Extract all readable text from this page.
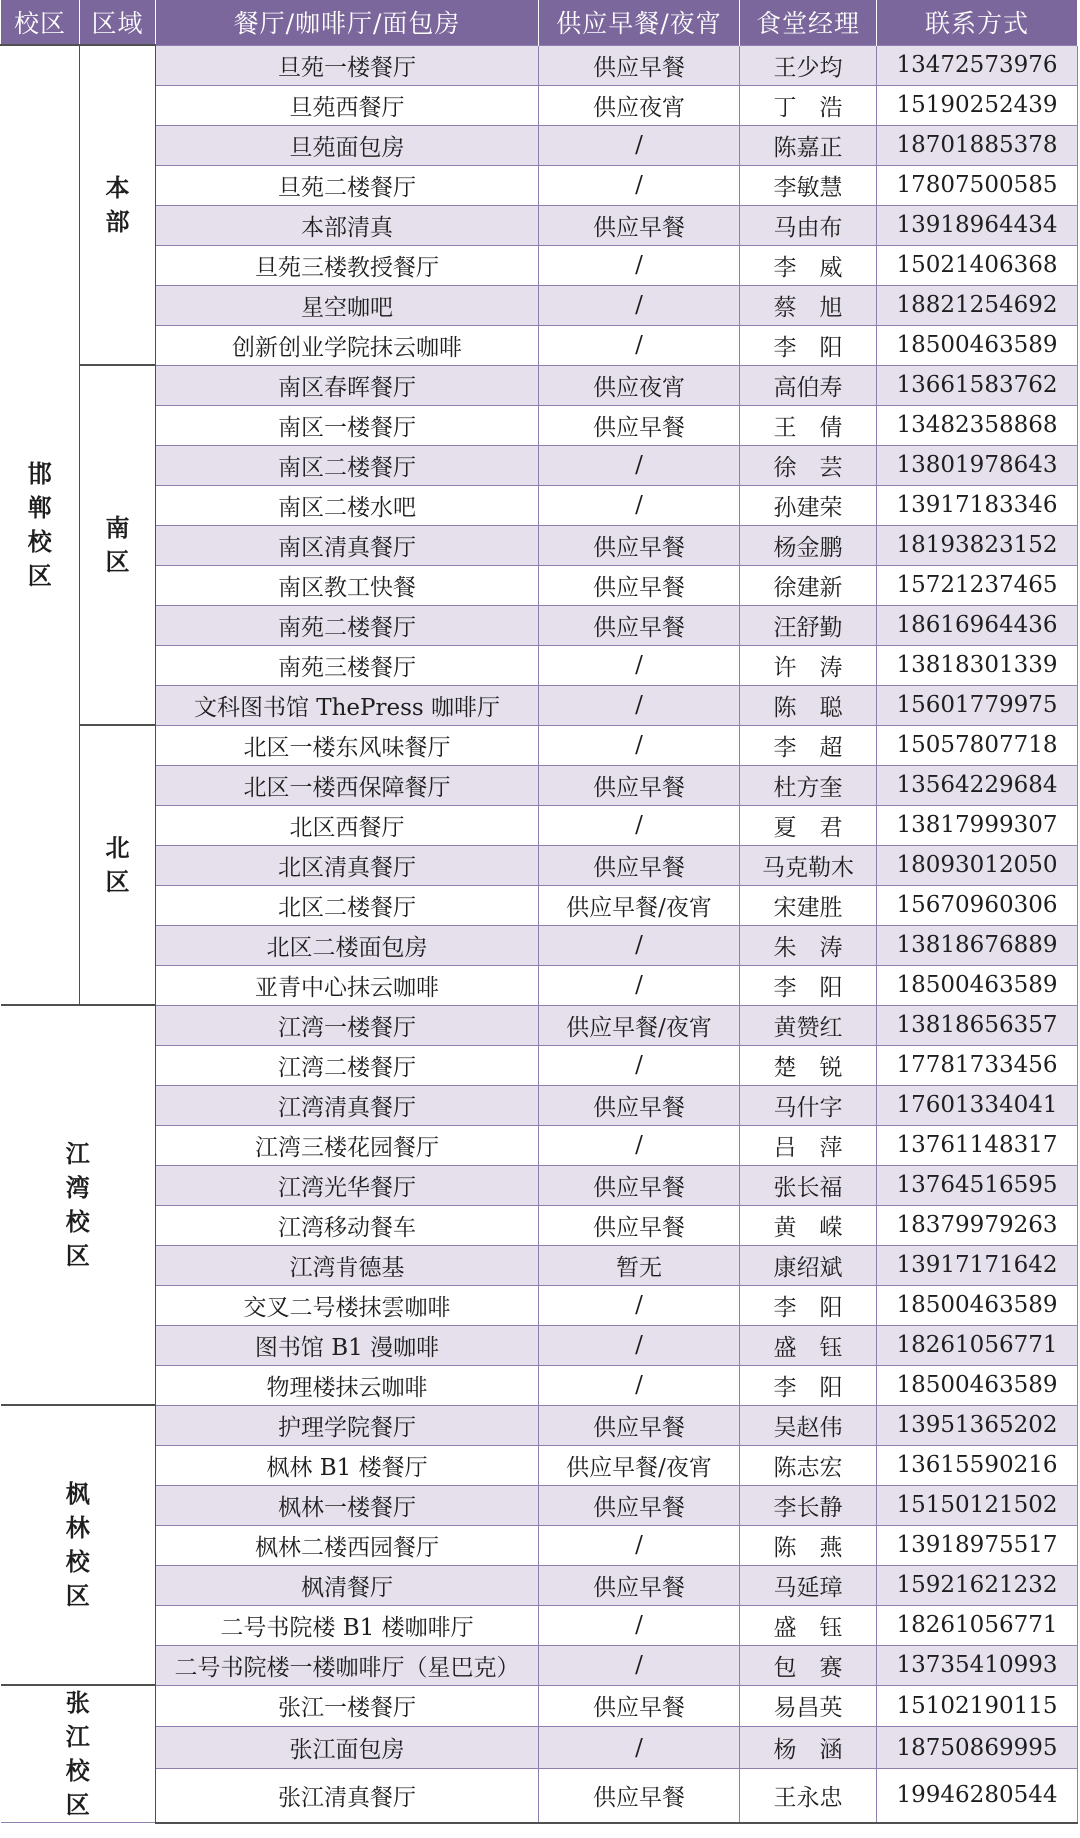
校区	区域	餐厅/咖啡厅/面包房	供应早餐/夜宵	食堂经理	联系方式
邯郸校区	本部	旦苑一楼餐厅	供应早餐	王少均	13472573976
		旦苑西餐厅	供应夜宵	丁　浩	15190252439
		旦苑面包房	/	陈嘉正	18701885378
		旦苑二楼餐厅	/	李敏慧	17807500585
		本部清真	供应早餐	马由布	13918964434
		旦苑三楼教授餐厅	/	李　威	15021406368
		星空咖吧	/	蔡　旭	18821254692
		创新创业学院抹云咖啡	/	李　阳	18500463589
	南区	南区春晖餐厅	供应夜宵	高伯寿	13661583762
		南区一楼餐厅	供应早餐	王　倩	13482358868
		南区二楼餐厅	/	徐　芸	13801978643
		南区二楼水吧	/	孙建荣	13917183346
		南区清真餐厅	供应早餐	杨金鹏	18193823152
		南区教工快餐	供应早餐	徐建新	15721237465
		南苑二楼餐厅	供应早餐	汪舒勤	18616964436
		南苑三楼餐厅	/	许　涛	13818301339
		文科图书馆 ThePress 咖啡厅	/	陈　聪	15601779975
	北区	北区一楼东风味餐厅	/	李　超	15057807718
		北区一楼西保障餐厅	供应早餐	杜方奎	13564229684
		北区西餐厅	/	夏　君	13817999307
		北区清真餐厅	供应早餐	马克勒木	18093012050
		北区二楼餐厅	供应早餐/夜宵	宋建胜	15670960306
		北区二楼面包房	/	朱　涛	13818676889
		亚青中心抹云咖啡	/	李　阳	18500463589
江湾校区		江湾一楼餐厅	供应早餐/夜宵	黄赞红	13818656357
		江湾二楼餐厅	/	楚　锐	17781733456
		江湾清真餐厅	供应早餐	马什字	17601334041
		江湾三楼花园餐厅	/	吕　萍	13761148317
		江湾光华餐厅	供应早餐	张长福	13764516595
		江湾移动餐车	供应早餐	黄　嵘	18379979263
		江湾肯德基	暂无	康绍斌	13917171642
		交叉二号楼抹雲咖啡	/	李　阳	18500463589
		图书馆 B1 漫咖啡	/	盛　钰	18261056771
		物理楼抹云咖啡	/	李　阳	18500463589
枫林校区		护理学院餐厅	供应早餐	吴赵伟	13951365202
		枫林 B1 楼餐厅	供应早餐/夜宵	陈志宏	13615590216
		枫林一楼餐厅	供应早餐	李长静	15150121502
		枫林二楼西园餐厅	/	陈　燕	13918975517
		枫清餐厅	供应早餐	马延璋	15921621232
		二号书院楼 B1 楼咖啡厅	/	盛　钰	18261056771
		二号书院楼一楼咖啡厅（星巴克）	/	包　赛	13735410993
张江校区		张江一楼餐厅	供应早餐	易昌英	15102190115
		张江面包房	/	杨　涵	18750869995
		张江清真餐厅	供应早餐	王永忠	19946280544
